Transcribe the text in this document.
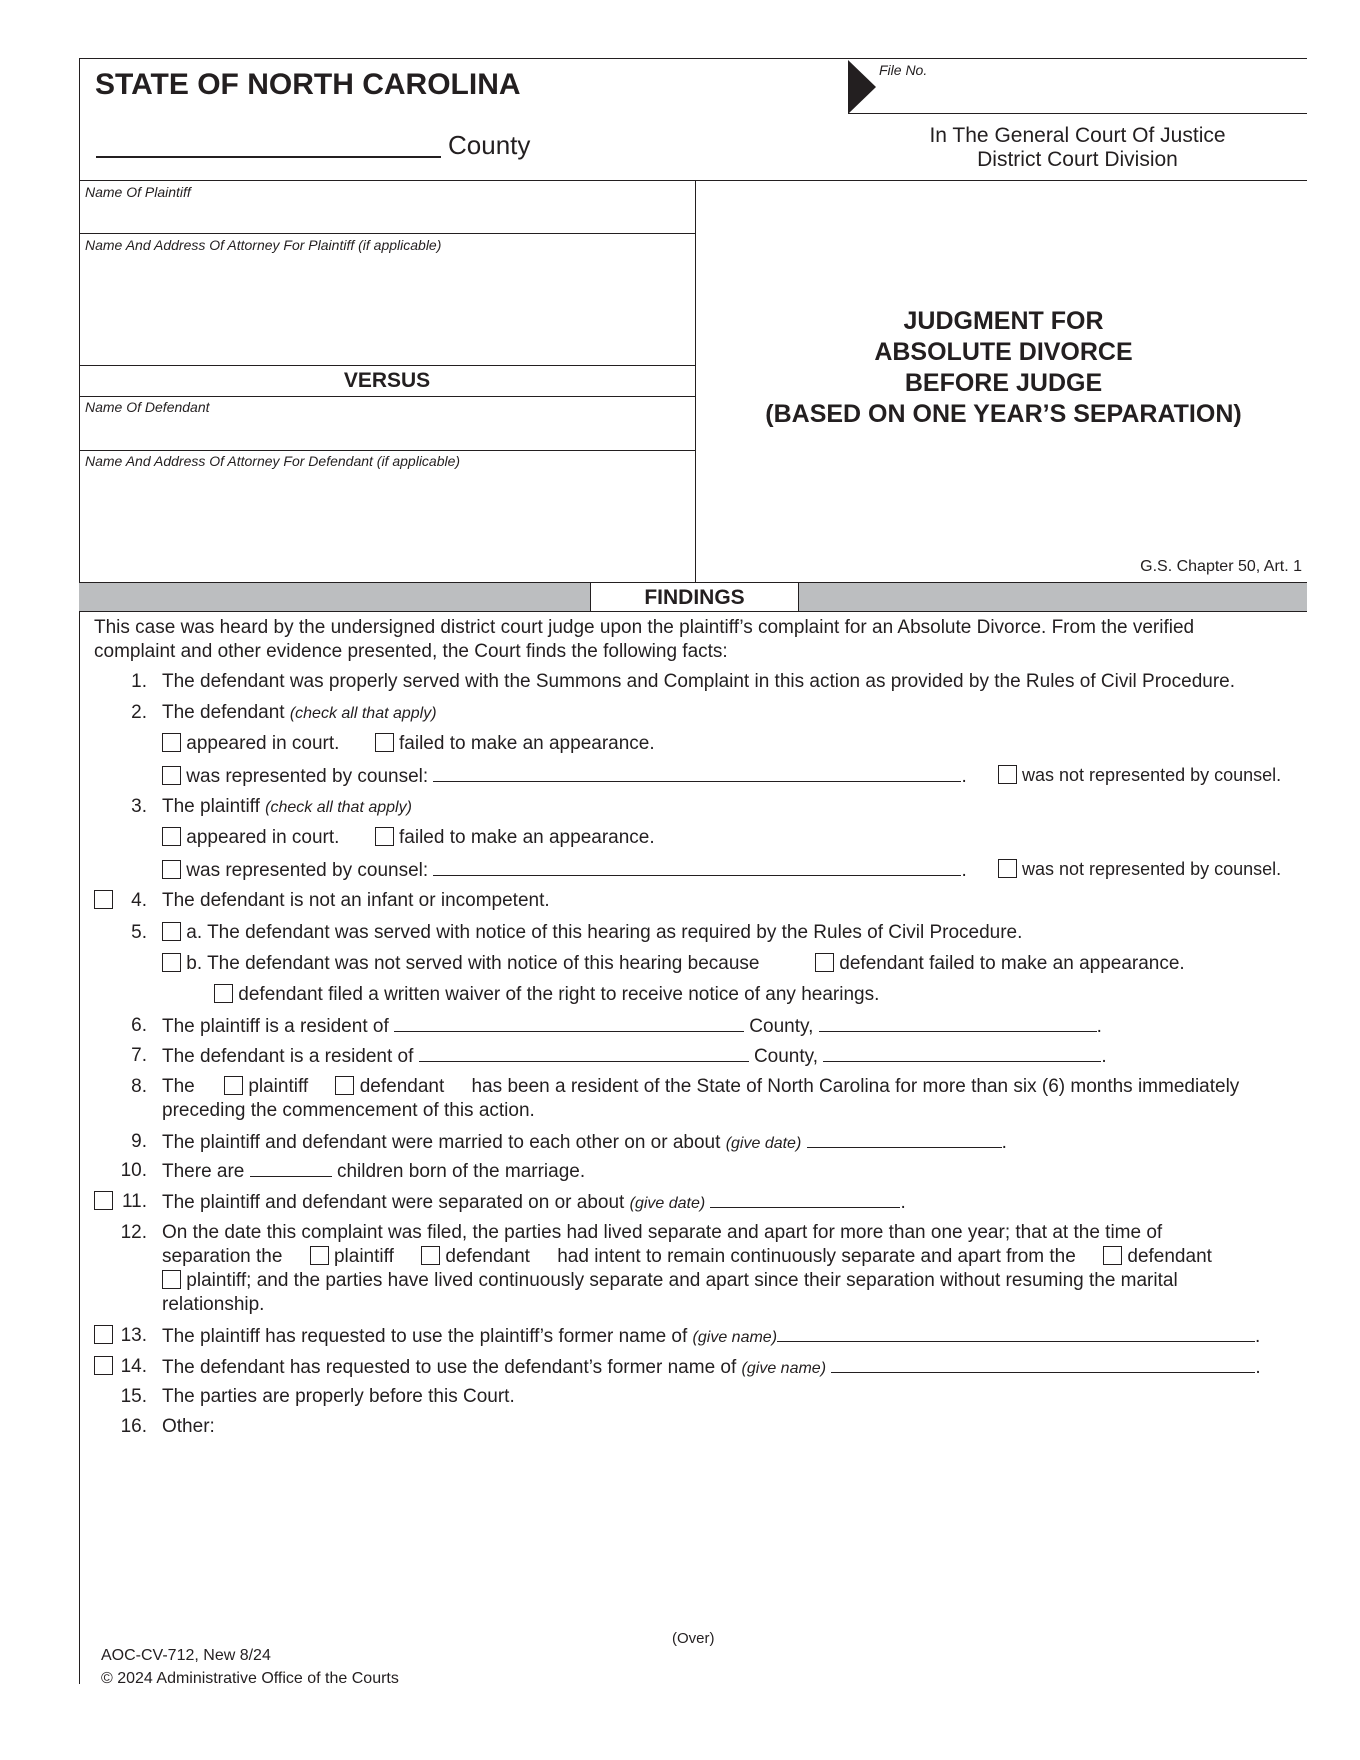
STATE OF NORTH CAROLINA
County
File No.
In The General Court Of Justice
District Court Division
Name Of Plaintiff
Name And Address Of Attorney For Plaintiff (if applicable)
VERSUS
Name Of Defendant
Name And Address Of Attorney For Defendant (if applicable)
JUDGMENT FOR
ABSOLUTE DIVORCE
BEFORE JUDGE
(BASED ON ONE YEAR’S SEPARATION)
G.S. Chapter 50, Art. 1
FINDINGS
This case was heard by the undersigned district court judge upon the plaintiff’s complaint for an Absolute Divorce. From the verified
complaint and other evidence presented, the Court finds the following facts:
1. The defendant was properly served with the Summons and Complaint in this action as provided by the Rules of Civil Procedure.
2. The defendant (check all that apply)
appeared in court.	failed to make an appearance.
was represented by counsel:	.	was not represented by counsel.
3. The plaintiff (check all that apply)
appeared in court.	failed to make an appearance.
was represented by counsel:	.	was not represented by counsel.
4. The defendant is not an infant or incompetent.
5.	a. The defendant was served with notice of this hearing as required by the Rules of Civil Procedure.
b. The defendant was not served with notice of this hearing because	defendant failed to make an appearance.
defendant filed a written waiver of the right to receive notice of any hearings.
6. The plaintiff is a resident of	County,	.
7. The defendant is a resident of	County,	.
8. The	plaintiff	defendant has been a resident of the State of North Carolina for more than six (6) months immediately
preceding the commencement of this action.
9. The plaintiff and defendant were married to each other on or about (give date)	.
10. There are	children born of the marriage.
11. The plaintiff and defendant were separated on or about (give date)	.
12. On the date this complaint was filed, the parties had lived separate and apart for more than one year; that at the time of
separation the	plaintiff	defendant had intent to remain continuously separate and apart from the	defendant
plaintiff; and the parties have lived continuously separate and apart since their separation without resuming the marital
relationship.
13. The plaintiff has requested to use the plaintiff’s former name of (give name)	.
14. The defendant has requested to use the defendant’s former name of (give name)	.
15. The parties are properly before this Court.
16. Other:
(Over)
AOC-CV-712, New 8/24
© 2024 Administrative Office of the Courts
